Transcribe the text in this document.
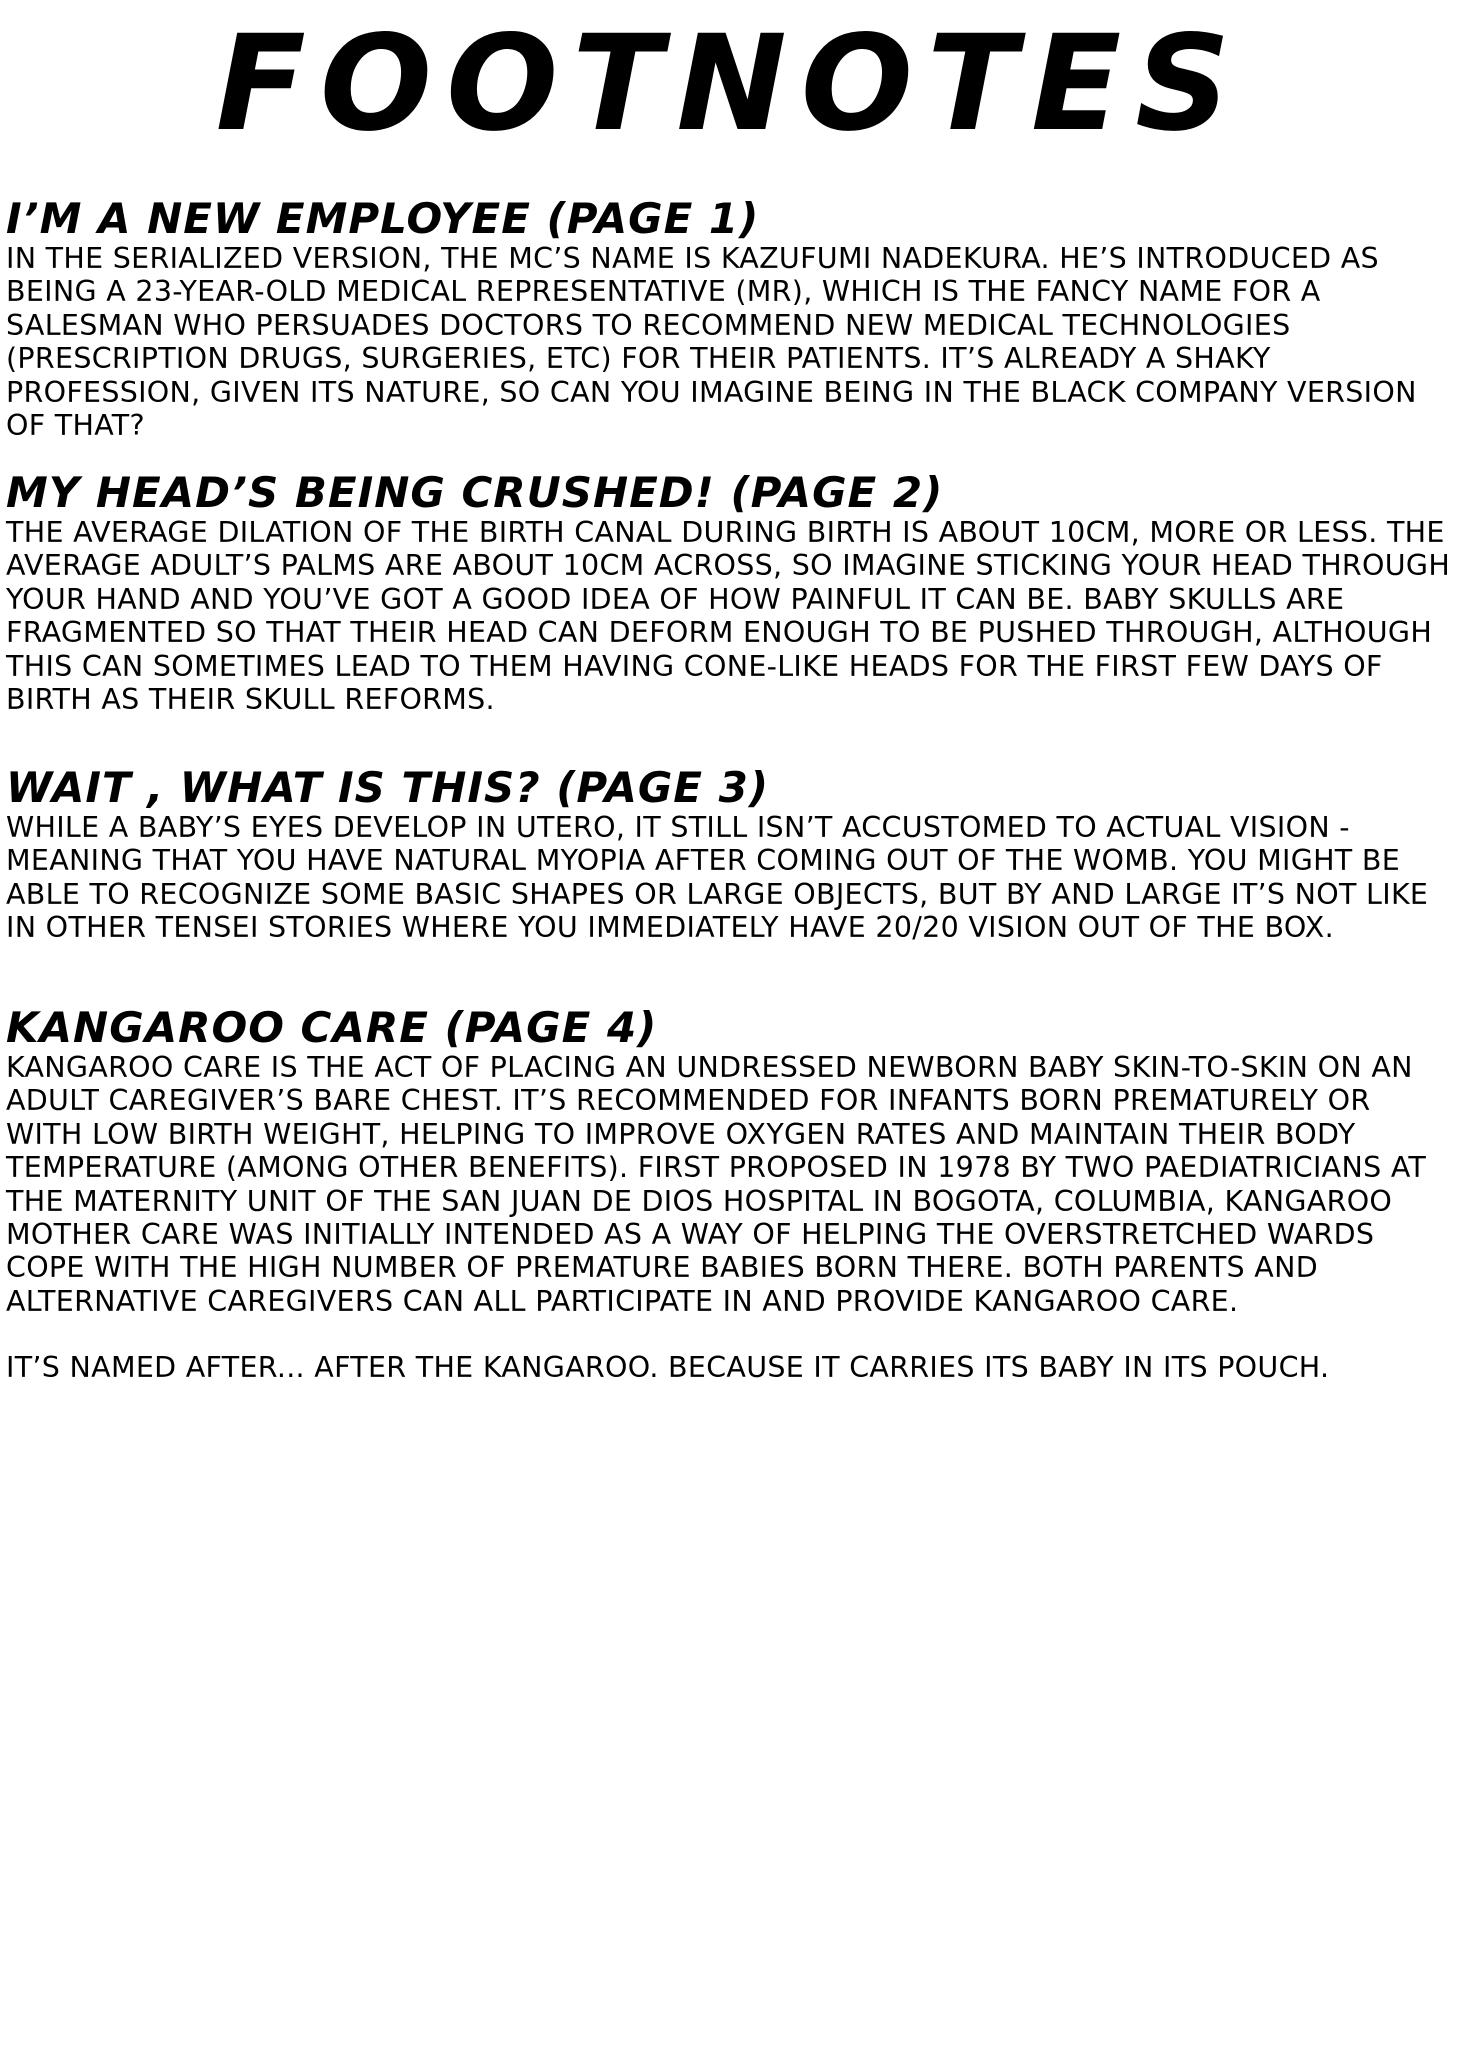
FOOTNOTES
I’M A NEW EMPLOYEE (PAGE 1)

IN THE SERIALIZED VERSION, THE MC’S NAME IS KAZUFUMI NADEKURA. HE’S INTRODUCED AS BEING A 23-YEAR-OLD MEDICAL REPRESENTATIVE (MR), WHICH IS THE FANCY NAME FOR A SALESMAN WHO PERSUADES DOCTORS TO RECOMMEND NEW MEDICAL TECHNOLOGIES (PRESCRIPTION DRUGS, SURGERIES, ETC) FOR THEIR PATIENTS. IT’S ALREADY A SHAKY PROFESSION, GIVEN ITS NATURE, SO CAN YOU IMAGINE BEING IN THE BLACK COMPANY VERSION OF THAT?

MY HEAD’S BEING CRUSHED! (PAGE 2)

THE AVERAGE DILATION OF THE BIRTH CANAL DURING BIRTH IS ABOUT 10CM, MORE OR LESS. THE AVERAGE ADULT’S PALMS ARE ABOUT 10CM ACROSS, SO IMAGINE STICKING YOUR HEAD THROUGH YOUR HAND AND YOU’VE GOT A GOOD IDEA OF HOW PAINFUL IT CAN BE. BABY SKULLS ARE FRAGMENTED SO THAT THEIR HEAD CAN DEFORM ENOUGH TO BE PUSHED THROUGH, ALTHOUGH THIS CAN SOMETIMES LEAD TO THEM HAVING CONE-LIKE HEADS FOR THE FIRST FEW DAYS OF BIRTH AS THEIR SKULL REFORMS.

WAIT , WHAT IS THIS? (PAGE 3)

WHILE A BABY’S EYES DEVELOP IN UTERO, IT STILL ISN’T ACCUSTOMED TO ACTUAL VISION - MEANING THAT YOU HAVE NATURAL MYOPIA AFTER COMING OUT OF THE WOMB. YOU MIGHT BE ABLE TO RECOGNIZE SOME BASIC SHAPES OR LARGE OBJECTS, BUT BY AND LARGE IT’S NOT LIKE IN OTHER TENSEI STORIES WHERE YOU IMMEDIATELY HAVE 20/20 VISION OUT OF THE BOX.

KANGAROO CARE (PAGE 4)

KANGAROO CARE IS THE ACT OF PLACING AN UNDRESSED NEWBORN BABY SKIN-TO-SKIN ON AN ADULT CAREGIVER’S BARE CHEST. IT’S RECOMMENDED FOR INFANTS BORN PREMATURELY OR WITH LOW BIRTH WEIGHT, HELPING TO IMPROVE OXYGEN RATES AND MAINTAIN THEIR BODY TEMPERATURE (AMONG OTHER BENEFITS). FIRST PROPOSED IN 1978 BY TWO PAEDIATRICIANS AT THE MATERNITY UNIT OF THE SAN JUAN DE DIOS HOSPITAL IN BOGOTA, COLUMBIA, KANGAROO MOTHER CARE WAS INITIALLY INTENDED AS A WAY OF HELPING THE OVERSTRETCHED WARDS COPE WITH THE HIGH NUMBER OF PREMATURE BABIES BORN THERE. BOTH PARENTS AND ALTERNATIVE CAREGIVERS CAN ALL PARTICIPATE IN AND PROVIDE KANGAROO CARE.

IT’S NAMED AFTER... AFTER THE KANGAROO. BECAUSE IT CARRIES ITS BABY IN ITS POUCH.
